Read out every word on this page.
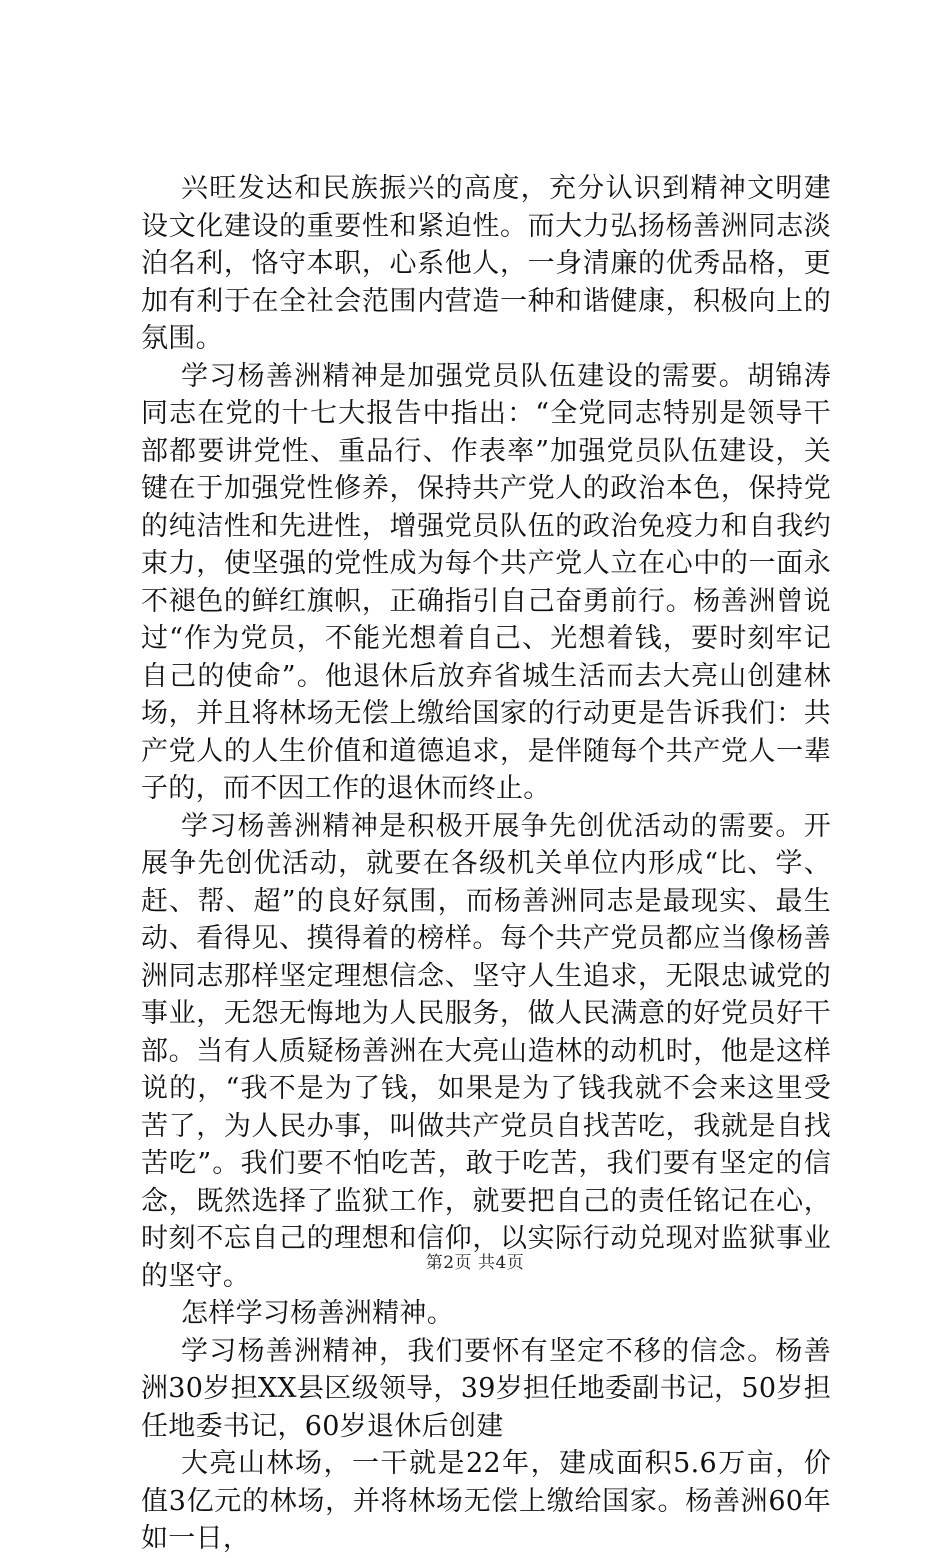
兴旺发达和民族振兴的高度，充分认识到精神文明建设文化建设的重要性和紧迫性。而大力弘扬杨善洲同志淡泊名利，恪守本职，心系他人，一身清廉的优秀品格，更加有利于在全社会范围内营造一种和谐健康，积极向上的氛围。

学习杨善洲精神是加强党员队伍建设的需要。胡锦涛同志在党的十七大报告中指出：“全党同志特别是领导干部都要讲党性、重品行、作表率”加强党员队伍建设，关键在于加强党性修养，保持共产党人的政治本色，保持党的纯洁性和先进性，增强党员队伍的政治免疫力和自我约束力，使坚强的党性成为每个共产党人立在心中的一面永不褪色的鲜红旗帜，正确指引自己奋勇前行。杨善洲曾说过“作为党员，不能光想着自己、光想着钱，要时刻牢记自己的使命”。他退休后放弃省城生活而去大亮山创建林场，并且将林场无偿上缴给国家的行动更是告诉我们：共产党人的人生价值和道德追求，是伴随每个共产党人一辈子的，而不因工作的退休而终止。

学习杨善洲精神是积极开展争先创优活动的需要。开展争先创优活动，就要在各级机关单位内形成“比、学、赶、帮、超”的良好氛围，而杨善洲同志是最现实、最生动、看得见、摸得着的榜样。每个共产党员都应当像杨善洲同志那样坚定理想信念、坚守人生追求，无限忠诚党的事业，无怨无悔地为人民服务，做人民满意的好党员好干部。当有人质疑杨善洲在大亮山造林的动机时，他是这样说的，“我不是为了钱，如果是为了钱我就不会来这里受苦了，为人民办事，叫做共产党员自找苦吃，我就是自找苦吃”。我们要不怕吃苦，敢于吃苦，我们要有坚定的信念，既然选择了监狱工作，就要把自己的责任铭记在心，时刻不忘自己的理想和信仰，以实际行动兑现对监狱事业的坚守。

怎样学习杨善洲精神。

学习杨善洲精神，我们要怀有坚定不移的信念。杨善洲30岁担XX县区级领导，39岁担任地委副书记，50岁担任地委书记，60岁退休后创建

大亮山林场，一干就是22年，建成面积5.6万亩，价值3亿元的林场，并将林场无偿上缴给国家。杨善洲60年如一日，

第2页 共4页
